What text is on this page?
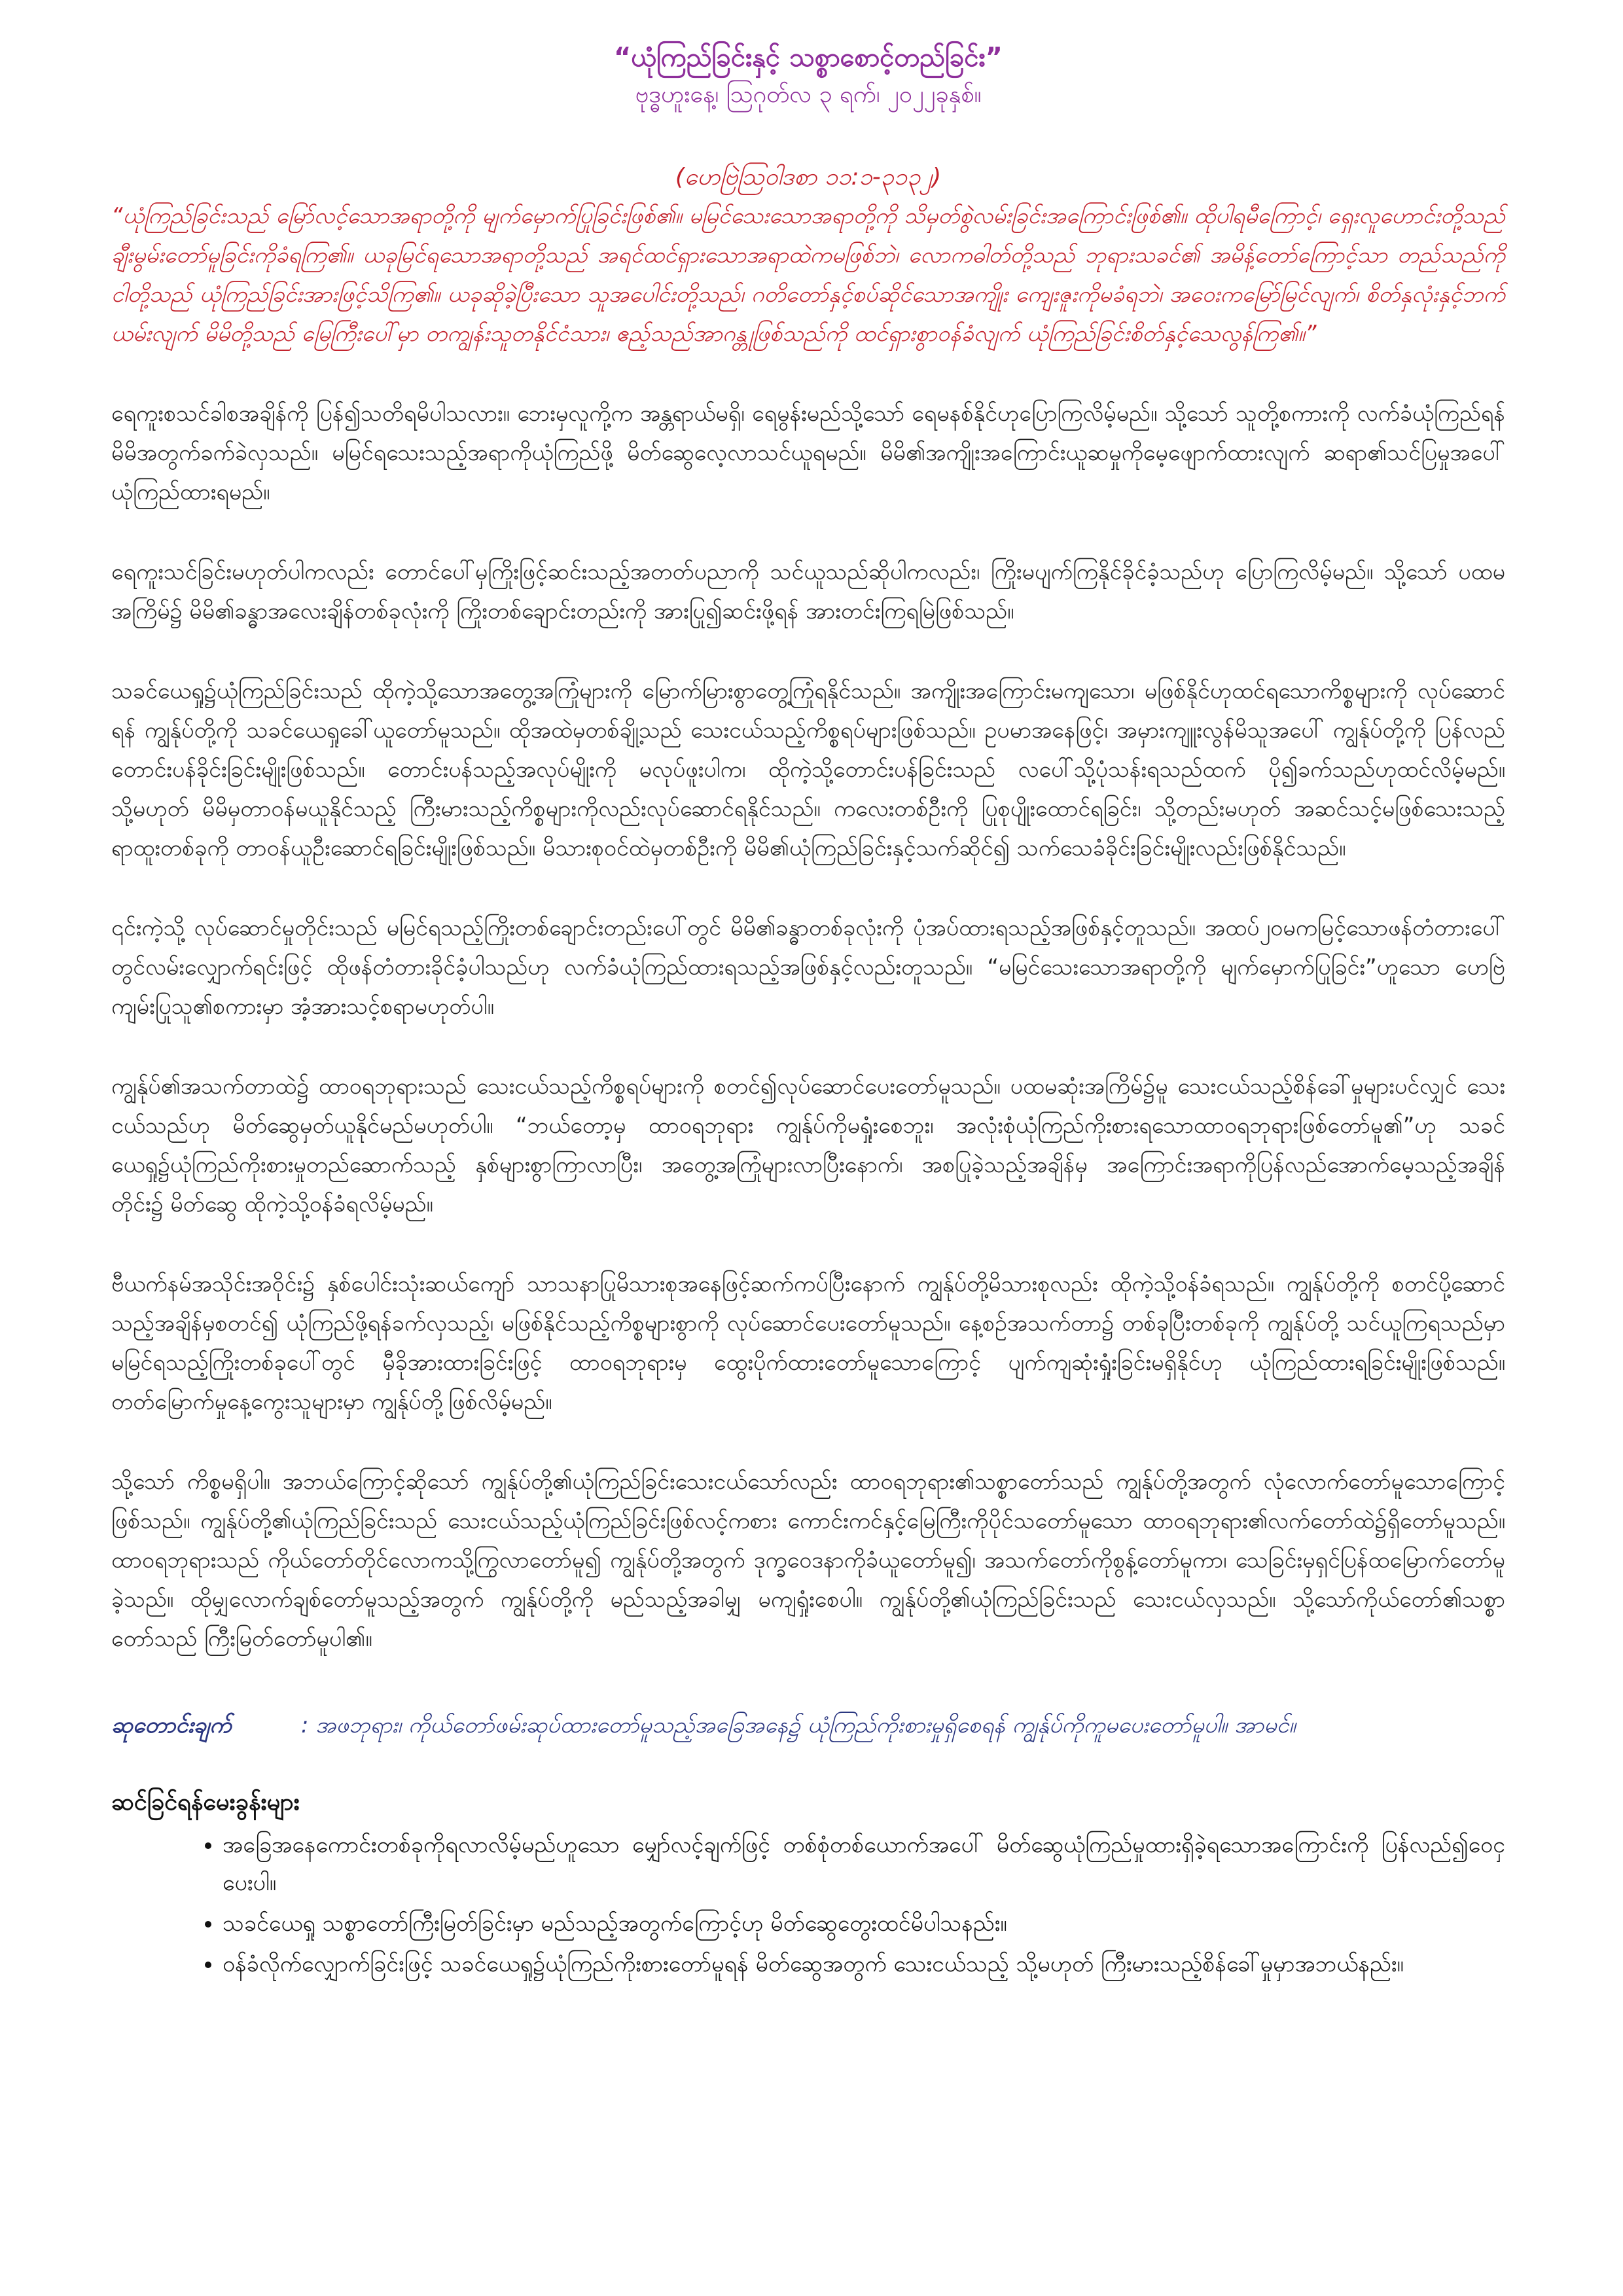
“ယုံကြည်ခြင်းနှင့် သစ္စာစောင့်တည်ခြင်း”

ဗုဒ္ဓဟူးနေ့၊ ဩဂုတ်လ ၃ ရက်၊ ၂၀၂၂ခုနှစ်။

(ဟေဗြဲဩဝါဒစာ ၁၁:၁-၃၁၃၂)

“ယုံကြည်ခြင်းသည် မြော်လင့်သောအရာတို့ကို မျက်မှောက်ပြုခြင်းဖြစ်၏။ မမြင်သေးသောအရာတို့ကို သိမှတ်စွဲလမ်းခြင်းအကြောင်းဖြစ်၏။ ထိုပါရမီကြောင့်၊ ရှေးလူဟောင်းတို့သည် ချီးမွမ်းတော်မူခြင်းကိုခံရကြ၏။ ယခုမြင်ရသောအရာတို့သည် အရင်ထင်ရှားသောအရာထဲကမဖြစ်ဘဲ၊ လောကဓါတ်တို့သည် ဘုရားသခင်၏ အမိန့်တော်ကြောင့်သာ တည်သည်ကို ငါတို့သည် ယုံကြည်ခြင်းအားဖြင့်သိကြ၏။ ယခုဆိုခဲ့ပြီးသော သူအပေါင်းတို့သည်၊ ဂတိတော်နှင့်စပ်ဆိုင်သောအကျိုး ကျေးဇူးကိုမခံရဘဲ၊ အဝေးကမြော်မြင်လျက်၊ စိတ်နှလုံးနှင့်ဘက်ယမ်းလျက် မိမိတို့သည် မြေကြီးပေါ်မှာ တကျွန်းသူတနိုင်ငံသား၊ ဧည့်သည်အာဂန္တုဖြစ်သည်ကို ထင်ရှားစွာဝန်ခံလျက် ယုံကြည်ခြင်းစိတ်နှင့်သေလွန်ကြ၏။”

ရေကူးစသင်ခါစအချိန်ကို ပြန်၍သတိရမိပါသလား။ ဘေးမှလူကို့က အန္တရာယ်မရှိ၊ ရေမွန်းမည်သို့သော် ရေမနစ်နိုင်ဟုပြောကြလိမ့်မည်။ သို့သော် သူတို့စကားကို လက်ခံယုံကြည်ရန် မိမိအတွက်ခက်ခဲလှသည်။ မမြင်ရသေးသည့်အရာကိုယုံကြည်ဖို့ မိတ်ဆွေလေ့လာသင်ယူရမည်။ မိမိ၏အကျိုးအကြောင်းယူဆမှုကိုမေ့ဖျောက်ထားလျက် ဆရာ၏သင်ပြမှုအပေါ်ယုံကြည်ထားရမည်။

ရေကူးသင်ခြင်းမဟုတ်ပါကလည်း တောင်ပေါ်မှကြိုးဖြင့်ဆင်းသည့်အတတ်ပညာကို သင်ယူသည်ဆိုပါကလည်း၊ ကြိုးမပျက်ကြနိုင်ခိုင်ခံ့သည်ဟု ပြောကြလိမ့်မည်။ သို့သော် ပထမအကြိမ်၌ မိမိ၏ခန္ဓာအလေးချိန်တစ်ခုလုံးကို ကြိုးတစ်ချောင်းတည်းကို အားပြု၍ဆင်းဖို့ရန် အားတင်းကြရမြဲဖြစ်သည်။

သခင်ယေရှု၌ယုံကြည်ခြင်းသည် ထိုကဲ့သို့သောအတွေ့အကြုံများကို မြောက်မြားစွာတွေ့ကြုံရနိုင်သည်။ အကျိုးအကြောင်းမကျသော၊ မဖြစ်နိုင်ဟုထင်ရသောကိစ္စများကို လုပ်ဆောင်ရန် ကျွန်ုပ်တို့ကို သခင်ယေရှုခေါ်ယူတော်မူသည်။ ထိုအထဲမှတစ်ချို့သည် သေးငယ်သည့်ကိစ္စရပ်များဖြစ်သည်။ ဥပမာအနေဖြင့်၊ အမှားကျူးလွန်မိသူအပေါ် ကျွန်ုပ်တို့ကို ပြန်လည်တောင်းပန်ခိုင်းခြင်းမျိုးဖြစ်သည်။ တောင်းပန်သည့်အလုပ်မျိုးကို မလုပ်ဖူးပါက၊ ထိုကဲ့သို့တောင်းပန်ခြင်းသည် လပေါ်သို့ပုံသန်းရသည်ထက် ပို၍ခက်သည်ဟုထင်လိမ့်မည်။ သို့မဟုတ် မိမိမှတာဝန်မယူနိုင်သည့် ကြီးမားသည့်ကိစ္စများကိုလည်းလုပ်ဆောင်ရနိုင်သည်။ ကလေးတစ်ဦးကို ပြုစုပျိုးထောင်ရခြင်း၊ သို့တည်းမဟုတ် အဆင်သင့်မဖြစ်သေးသည့်ရာထူးတစ်ခုကို တာဝန်ယူဦးဆောင်ရခြင်းမျိုးဖြစ်သည်။ မိသားစုဝင်ထဲမှတစ်ဦးကို မိမိ၏ယုံကြည်ခြင်းနှင့်သက်ဆိုင်၍ သက်သေခံခိုင်းခြင်းမျိုးလည်းဖြစ်နိုင်သည်။

၎င်းကဲ့သို့ လုပ်ဆောင်မှုတိုင်းသည် မမြင်ရသည့်ကြိုးတစ်ချောင်းတည်းပေါ်တွင် မိမိ၏ခန္ဓာတစ်ခုလုံးကို ပုံအပ်ထားရသည့်အဖြစ်နှင့်တူသည်။ အထပ်၂၀မကမြင့်သောဖန်တံတားပေါ်တွင်လမ်းလျှောက်ရင်းဖြင့် ထိုဖန်တံတားခိုင်ခံ့ပါသည်ဟု လက်ခံယုံကြည်ထားရသည့်အဖြစ်နှင့်လည်းတူသည်။ “မမြင်သေးသောအရာတို့ကို မျက်မှောက်ပြုခြင်း”ဟူသော ဟေဗြဲကျမ်းပြုသူ၏စကားမှာ အံ့အားသင့်စရာမဟုတ်ပါ။

ကျွန်ုပ်၏အသက်တာထဲ၌ ထာဝရဘုရားသည် သေးငယ်သည့်ကိစ္စရပ်များကို စတင်၍လုပ်ဆောင်ပေးတော်မူသည်။ ပထမဆုံးအကြိမ်၌မူ သေးငယ်သည့်စိန်ခေါ်မှုများပင်လျှင် သေးငယ်သည်ဟု မိတ်ဆွေမှတ်ယူနိုင်မည်မဟုတ်ပါ။ “ဘယ်တော့မှ ထာဝရဘုရား ကျွန်ုပ်ကိုမရှုံးစေဘူး၊ အလုံးစုံယုံကြည်ကိုးစားရသောထာဝရဘုရားဖြစ်တော်မူ၏”ဟု သခင်ယေရှု၌ယုံကြည်ကိုးစားမှုတည်ဆောက်သည့် နှစ်များစွာကြာလာပြီး၊ အတွေ့အကြုံများလာပြီးနောက်၊ အစပြုခဲ့သည့်အချိန်မှ အကြောင်းအရာကိုပြန်လည်အောက်မေ့သည့်အချိန်တိုင်း၌ မိတ်ဆွေ ထိုကဲ့သို့ဝန်ခံရလိမ့်မည်။

ဗီယက်နမ်အသိုင်းအဝိုင်း၌ နှစ်ပေါင်းသုံးဆယ်ကျော် သာသနာပြုမိသားစုအနေဖြင့်ဆက်ကပ်ပြီးနောက် ကျွန်ုပ်တို့မိသားစုလည်း ထိုကဲ့သို့ဝန်ခံရသည်။ ကျွန်ုပ်တို့ကို စတင်ပို့ဆောင်သည့်အချိန်မှစတင်၍ ယုံကြည်ဖို့ရန်ခက်လှသည့်၊ မဖြစ်နိုင်သည့်ကိစ္စများစွာကို လုပ်ဆောင်ပေးတော်မူသည်။ နေ့စဉ်အသက်တာ၌ တစ်ခုပြီးတစ်ခုကို ကျွန်ုပ်တို့ သင်ယူကြရသည်မှာ မမြင်ရသည့်ကြိုးတစ်ခုပေါ်တွင် မှီခိုအားထားခြင်းဖြင့် ထာဝရဘုရားမှ ထွေးပိုက်ထားတော်မူသောကြောင့် ပျက်ကျဆုံးရှုံးခြင်းမရှိနိုင်ဟု ယုံကြည်ထားရခြင်းမျိုးဖြစ်သည်။ တတ်မြောက်မှုနေ့ကွေးသူများမှာ ကျွန်ုပ်တို့ဖြစ်လိမ့်မည်။

သို့သော် ကိစ္စမရှိပါ။ အဘယ်ကြောင့်ဆိုသော် ကျွန်ုပ်တို့၏ယုံကြည်ခြင်းသေးငယ်သော်လည်း ထာဝရဘုရား၏သစ္စာတော်သည် ကျွန်ုပ်တို့အတွက် လုံလောက်တော်မူသောကြောင့်ဖြစ်သည်။ ကျွန်ုပ်တို့၏ယုံကြည်ခြင်းသည် သေးငယ်သည့်ယုံကြည်ခြင်းဖြစ်လင့်ကစား ကောင်းကင်နှင့်မြေကြီးကိုပိုင်သတော်မူသော ထာဝရဘုရား၏လက်တော်ထဲ၌ရှိတော်မူသည်။ ထာဝရဘုရားသည် ကိုယ်တော်တိုင်လောကသို့ကြွလာတော်မူ၍ ကျွန်ုပ်တို့အတွက် ဒုက္ခဝေဒနာကိုခံယူတော်မူ၍၊ အသက်တော်ကိုစွန့်တော်မူကာ၊ သေခြင်းမှရှင်ပြန်ထမြောက်တော်မူခဲ့သည်။ ထိုမျှလောက်ချစ်တော်မူသည့်အတွက် ကျွန်ုပ်တို့ကို မည်သည့်အခါမျှ မကျရှုံးစေပါ။ ကျွန်ုပ်တို့၏ယုံကြည်ခြင်းသည် သေးငယ်လှသည်။ သို့သော်ကိုယ်တော်၏သစ္စာတော်သည် ကြီးမြတ်တော်မူပါ၏။

ဆုတောင်းချက်	: အဖဘုရား၊ ကိုယ်တော်ဖမ်းဆုပ်ထားတော်မူသည့်အခြေအနေ၌ ယုံကြည်ကိုးစားမှုရှိစေရန် ကျွန်ုပ်ကိုကူမပေးတော်မူပါ။ အာမင်။
ဆင်ခြင်ရန်မေးခွန်းများ
• အခြေအနေကောင်းတစ်ခုကိုရလာလိမ့်မည်ဟူသော မျှော်လင့်ချက်ဖြင့် တစ်စုံတစ်ယောက်အပေါ် မိတ်ဆွေယုံကြည်မှုထားရှိခဲ့ရသောအကြောင်းကို ပြန်လည်၍ဝေငှပေးပါ။
• သခင်ယေရှု သစ္စာတော်ကြီးမြတ်ခြင်းမှာ မည်သည့်အတွက်ကြောင့်ဟု မိတ်ဆွေတွေးထင်မိပါသနည်း။
• ဝန်ခံလိုက်လျှောက်ခြင်းဖြင့် သခင်ယေရှု၌ယုံကြည်ကိုးစားတော်မူရန် မိတ်ဆွေအတွက် သေးငယ်သည့် သို့မဟုတ် ကြီးမားသည့်စိန်ခေါ်မှုမှာအဘယ်နည်း။
